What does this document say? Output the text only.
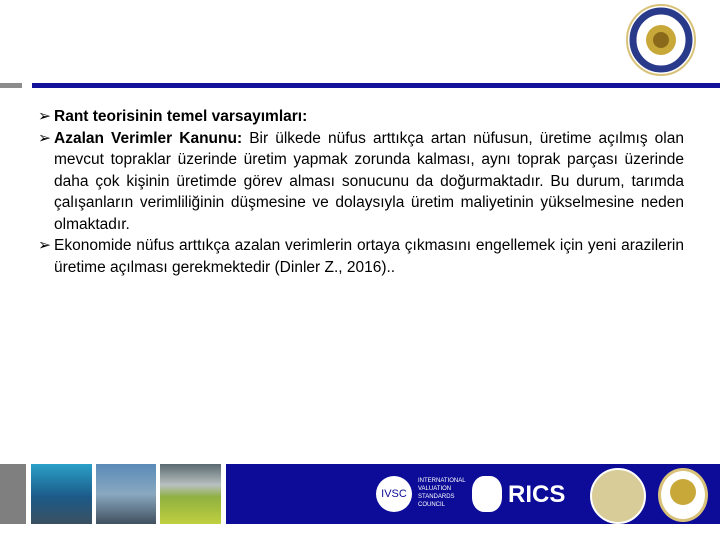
➢ Rant teorisinin temel varsayımları:
➢ Azalan Verimler Kanunu: Bir ülkede nüfus arttıkça artan nüfusun, üretime açılmış olan mevcut topraklar üzerinde üretim yapmak zorunda kalması, aynı toprak parçası üzerinde daha çok kişinin üretimde görev alması sonucunu da doğurmaktadır. Bu durum, tarımda çalışanların verimliliğinin düşmesine ve dolaysıyla üretim maliyetinin yükselmesine neden olmaktadır.
➢ Ekonomide nüfus arttıkça azalan verimlerin ortaya çıkmasını engellemek için yeni arazilerin üretime açılması gerekmektedir (Dinler Z., 2016)..
IVSC
INTERNATIONAL
VALUATION
STANDARDS
COUNCIL	RICS
